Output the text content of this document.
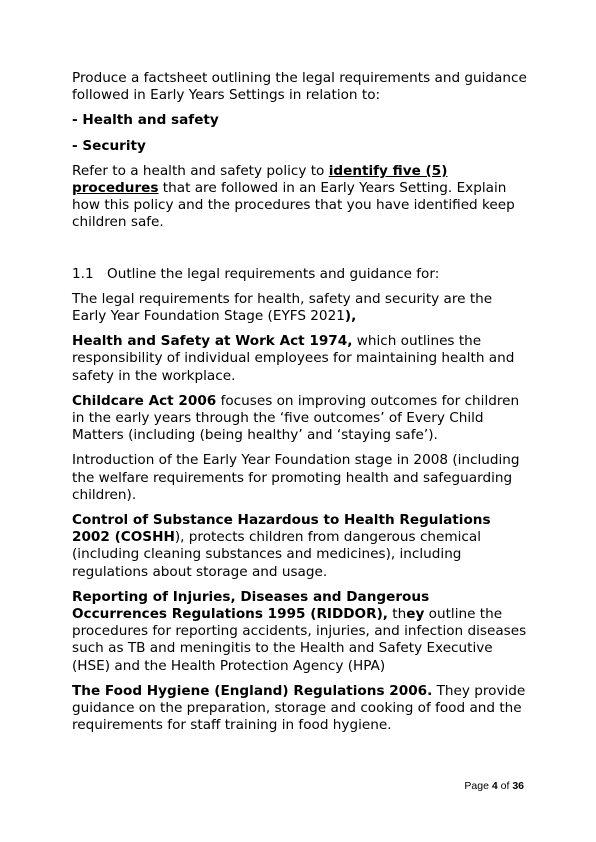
Produce a factsheet outlining the legal requirements and guidance followed in Early Years Settings in relation to:

- Health and safety

- Security

Refer to a health and safety policy to identify five (5) procedures that are followed in an Early Years Setting. Explain how this policy and the procedures that you have identified keep children safe.

1.1 Outline the legal requirements and guidance for:

The legal requirements for health, safety and security are the Early Year Foundation Stage (EYFS 2021),

Health and Safety at Work Act 1974, which outlines the responsibility of individual employees for maintaining health and safety in the workplace.

Childcare Act 2006 focuses on improving outcomes for children in the early years through the ‘five outcomes’ of Every Child Matters (including (being healthy’ and ‘staying safe’).

Introduction of the Early Year Foundation stage in 2008 (including the welfare requirements for promoting health and safeguarding children).

Control of Substance Hazardous to Health Regulations 2002 (COSHH), protects children from dangerous chemical (including cleaning substances and medicines), including regulations about storage and usage.

Reporting of Injuries, Diseases and Dangerous Occurrences Regulations 1995 (RIDDOR), they outline the procedures for reporting accidents, injuries, and infection diseases such as TB and meningitis to the Health and Safety Executive (HSE) and the Health Protection Agency (HPA)

The Food Hygiene (England) Regulations 2006. They provide guidance on the preparation, storage and cooking of food and the requirements for staff training in food hygiene.

Page 4 of 36
